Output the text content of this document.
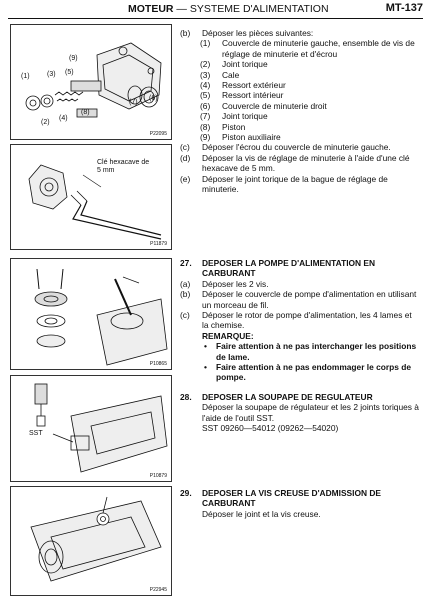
MOTEUR — SYSTEME D'ALIMENTATION	MT-137
(1)
(2)
(3)
(4)
(5)
(6)
(7)
(8)
(9)
P22095
Clé hexacave de 5 mm
P11879
P10865
SST
P10879
P22945
(b) Déposer les pièces suivantes:
(1) Couvercle de minuterie gauche, ensemble de vis de réglage de minuterie et d'écrou
(2) Joint torique
(3) Cale
(4) Ressort extérieur
(5) Ressort intérieur
(6) Couvercle de minuterie droit
(7) Joint torique
(8) Piston
(9) Piston auxiliaire
(c) Déposer l'écrou du couvercle de minuterie gauche.
(d) Déposer la vis de réglage de minuterie à l'aide d'une clé hexacave de 5 mm.
(e) Déposer le joint torique de la bague de réglage de minuterie.
27. DEPOSER LA POMPE D'ALIMENTATION EN CARBURANT
(a) Déposer les 2 vis.
(b) Déposer le couvercle de pompe d'alimentation en utilisant un morceau de fil.
(c) Déposer le rotor de pompe d'alimentation, les 4 lames et la chemise.
REMARQUE:
• Faire attention à ne pas interchanger les positions de lame.
• Faire attention à ne pas endommager le corps de pompe.
28. DEPOSER LA SOUPAPE DE REGULATEUR
Déposer la soupape de régulateur et les 2 joints toriques à l'aide de l'outil SST.
SST 09260—54012 (09262—54020)
29. DEPOSER LA VIS CREUSE D'ADMISSION DE CARBURANT
Déposer le joint et la vis creuse.
